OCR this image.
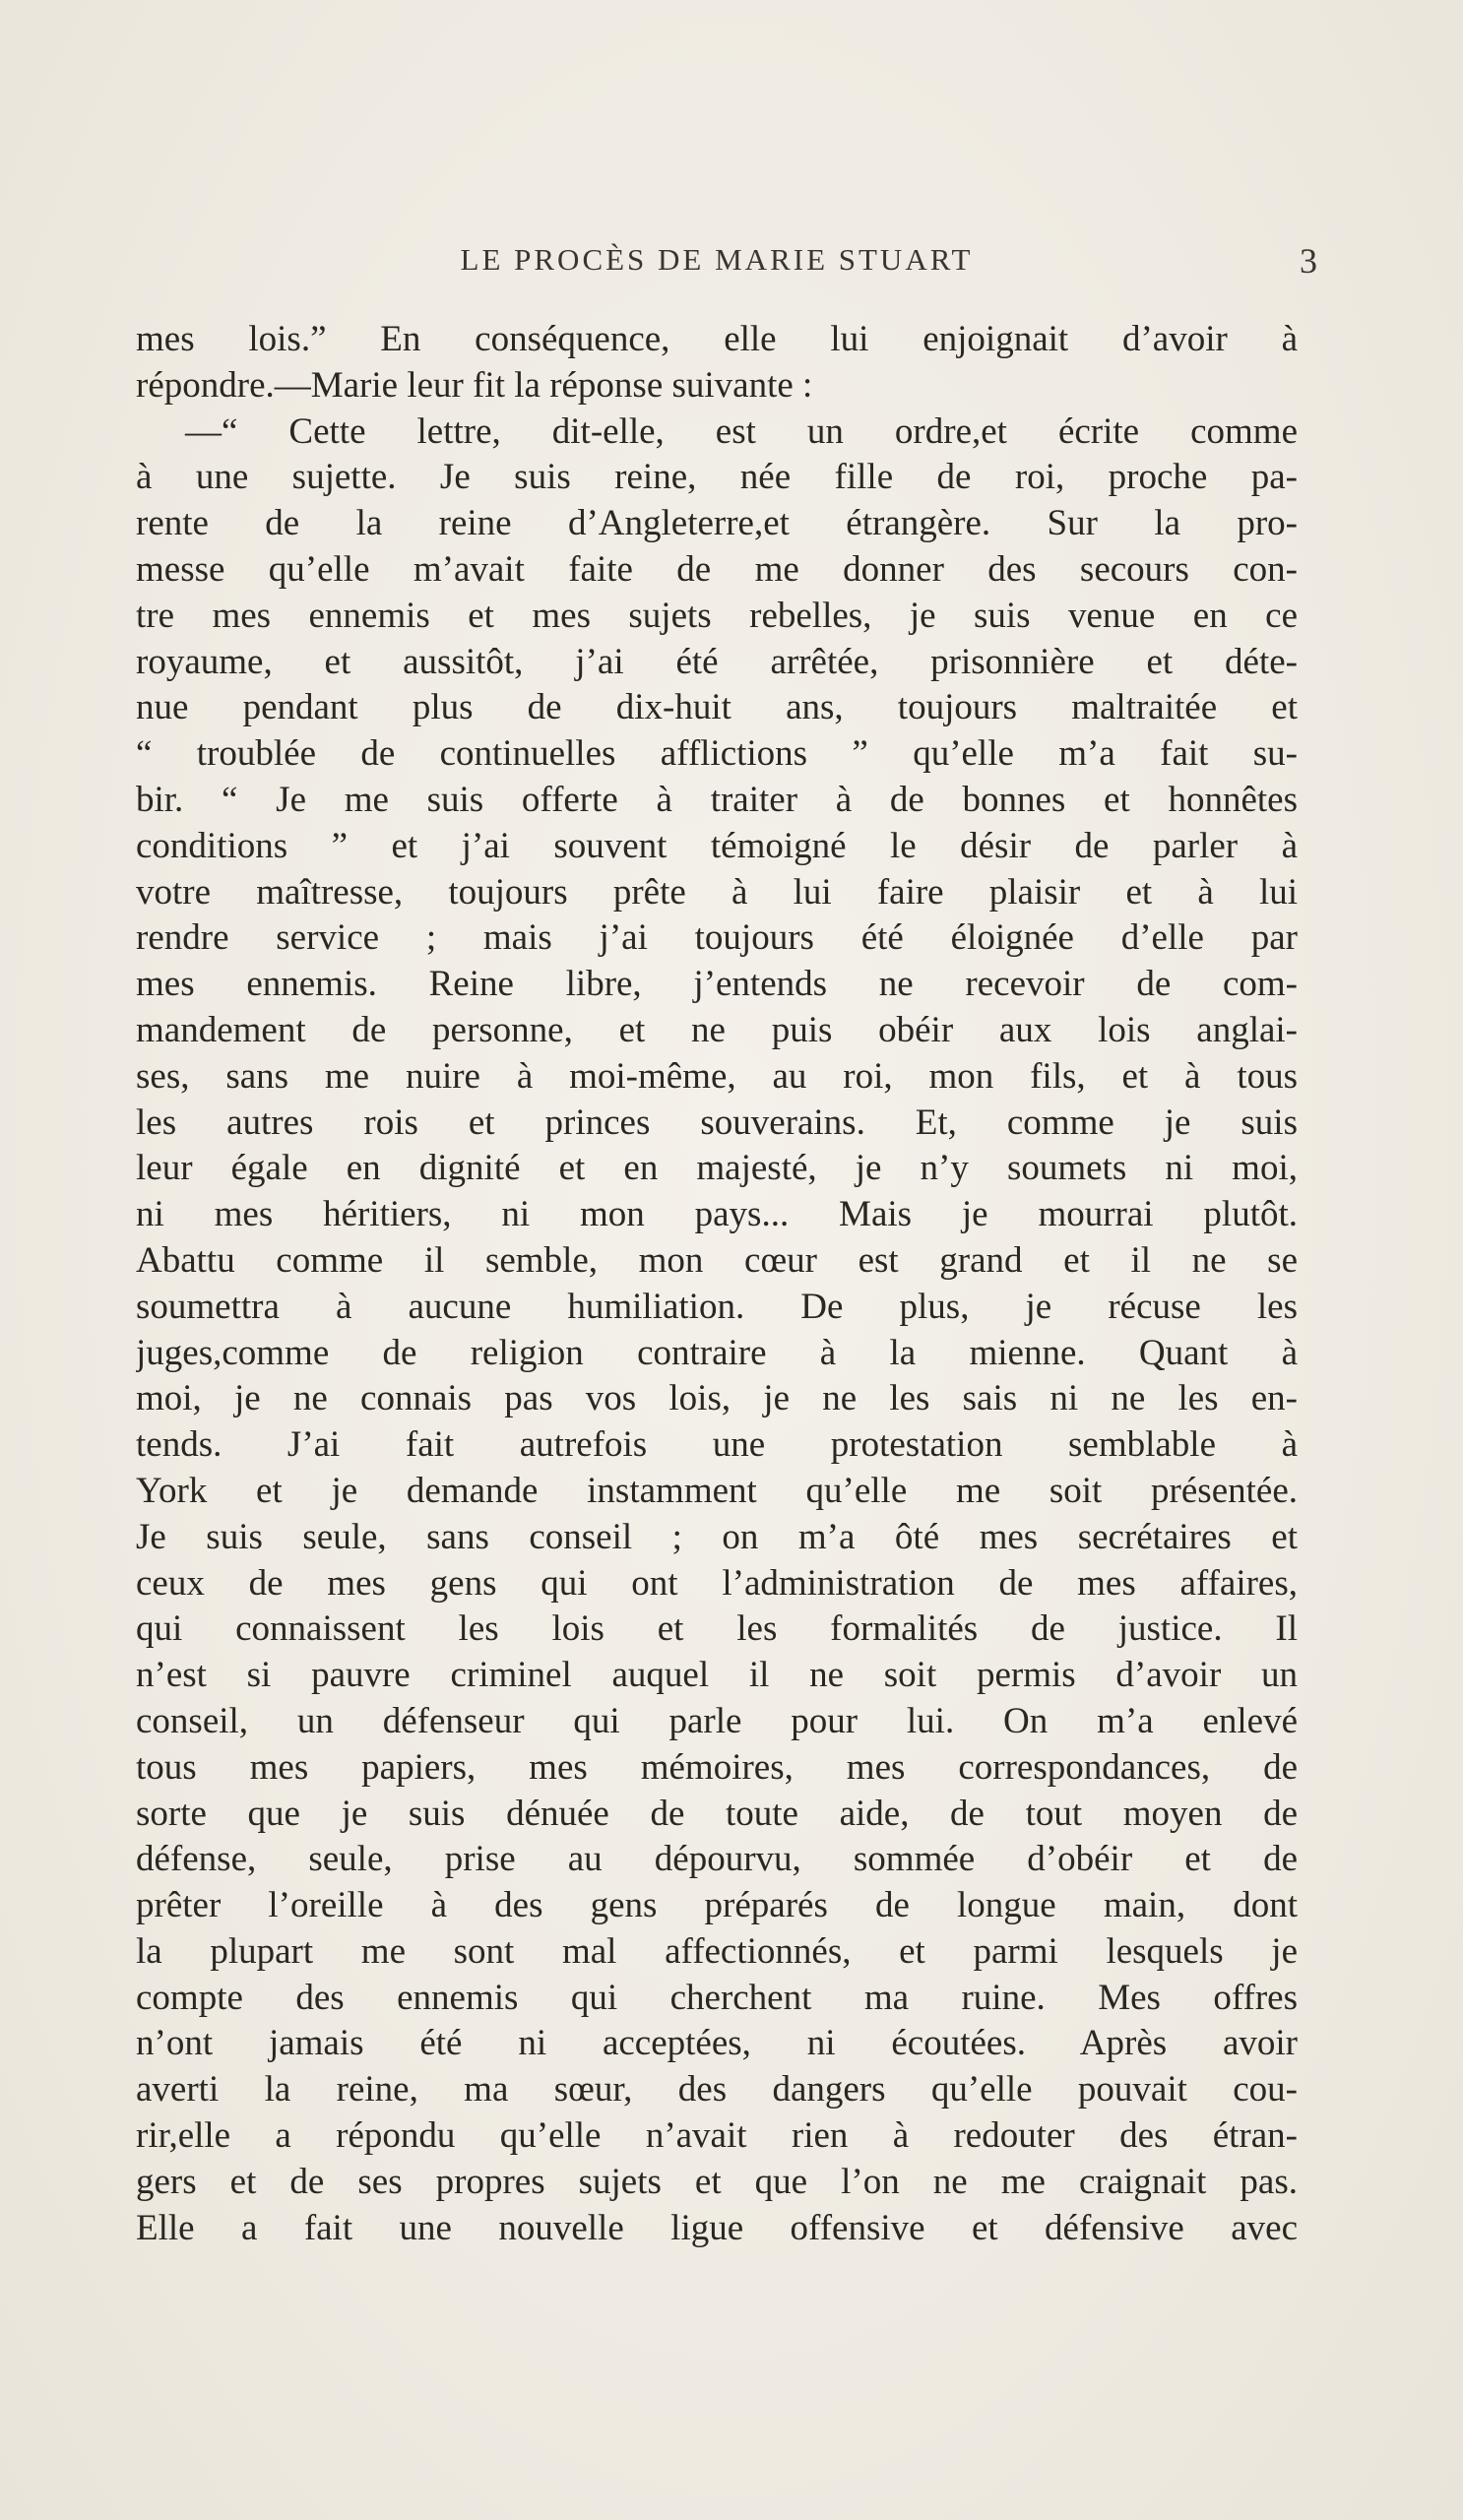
LE PROCÈS DE MARIE STUART	3
mes lois.” En conséquence, elle lui enjoignait d’avoir à
répondre.—Marie leur fit la réponse suivante :
—“ Cette lettre, dit-elle, est un ordre,et écrite comme
à une sujette. Je suis reine, née fille de roi, proche pa-
rente de la reine d’Angleterre,et étrangère. Sur la pro-
messe qu’elle m’avait faite de me donner des secours con-
tre mes ennemis et mes sujets rebelles, je suis venue en ce
royaume, et aussitôt, j’ai été arrêtée, prisonnière et déte-
nue pendant plus de dix-huit ans, toujours maltraitée et
“ troublée de continuelles afflictions ” qu’elle m’a fait su-
bir. “ Je me suis offerte à traiter à de bonnes et honnêtes
conditions ” et j’ai souvent témoigné le désir de parler à
votre maîtresse, toujours prête à lui faire plaisir et à lui
rendre service ; mais j’ai toujours été éloignée d’elle par
mes ennemis. Reine libre, j’entends ne recevoir de com-
mandement de personne, et ne puis obéir aux lois anglai-
ses, sans me nuire à moi-même, au roi, mon fils, et à tous
les autres rois et princes souverains. Et, comme je suis
leur égale en dignité et en majesté, je n’y soumets ni moi,
ni mes héritiers, ni mon pays... Mais je mourrai plutôt.
Abattu comme il semble, mon cœur est grand et il ne se
soumettra à aucune humiliation. De plus, je récuse les
juges,comme de religion contraire à la mienne. Quant à
moi, je ne connais pas vos lois, je ne les sais ni ne les en-
tends. J’ai fait autrefois une protestation semblable à
York et je demande instamment qu’elle me soit présentée.
Je suis seule, sans conseil ; on m’a ôté mes secrétaires et
ceux de mes gens qui ont l’administration de mes affaires,
qui connaissent les lois et les formalités de justice. Il
n’est si pauvre criminel auquel il ne soit permis d’avoir un
conseil, un défenseur qui parle pour lui. On m’a enlevé
tous mes papiers, mes mémoires, mes correspondances, de
sorte que je suis dénuée de toute aide, de tout moyen de
défense, seule, prise au dépourvu, sommée d’obéir et de
prêter l’oreille à des gens préparés de longue main, dont
la plupart me sont mal affectionnés, et parmi lesquels je
compte des ennemis qui cherchent ma ruine. Mes offres
n’ont jamais été ni acceptées, ni écoutées. Après avoir
averti la reine, ma sœur, des dangers qu’elle pouvait cou-
rir,elle a répondu qu’elle n’avait rien à redouter des étran-
gers et de ses propres sujets et que l’on ne me craignait pas.
Elle a fait une nouvelle ligue offensive et défensive avec
